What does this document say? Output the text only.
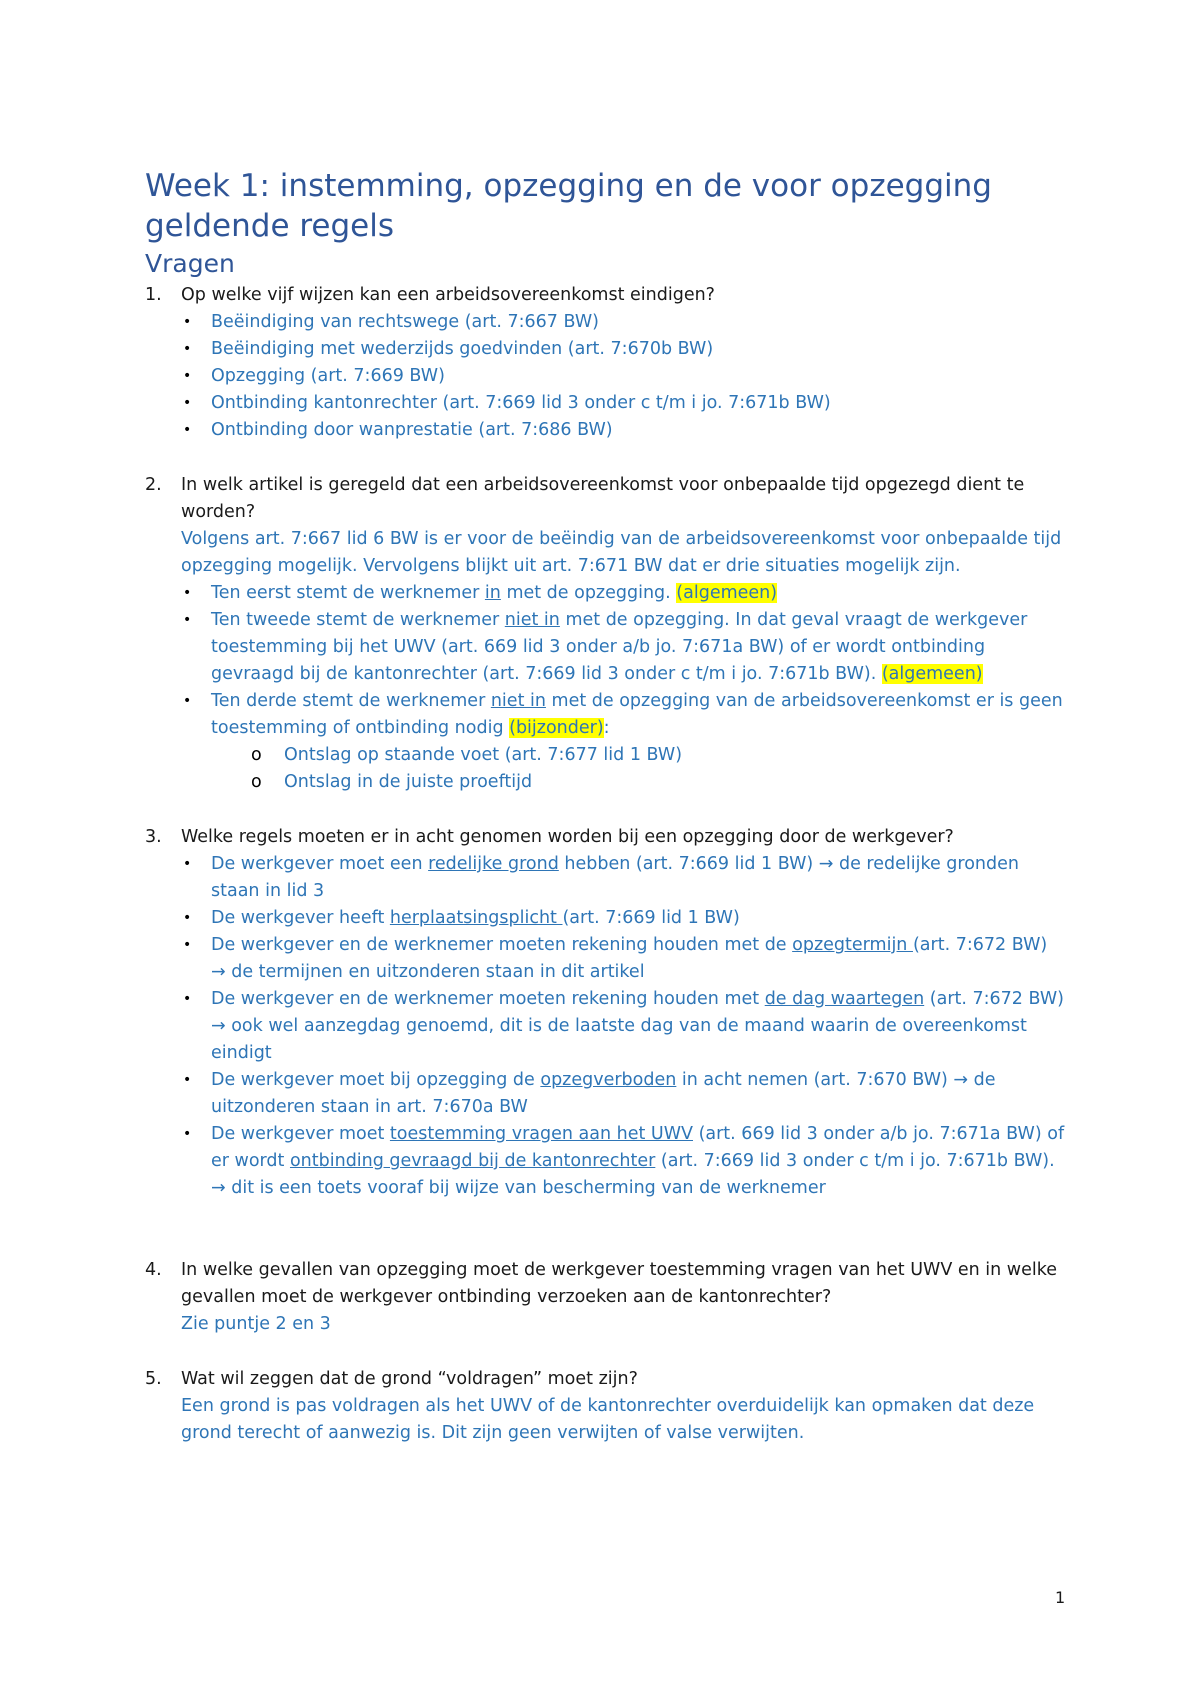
Week 1: instemming, opzegging en de voor opzegging geldende regels
Vragen

1. Op welke vijf wijzen kan een arbeidsovereenkomst eindigen?

• Beëindiging van rechtswege (art. 7:667 BW)
• Beëindiging met wederzijds goedvinden (art. 7:670b BW)
• Opzegging (art. 7:669 BW)
• Ontbinding kantonrechter (art. 7:669 lid 3 onder c t/m i jo. 7:671b BW)
• Ontbinding door wanprestatie (art. 7:686 BW)

2. In welk artikel is geregeld dat een arbeidsovereenkomst voor onbepaalde tijd opgezegd dient te worden?

Volgens art. 7:667 lid 6 BW is er voor de beëindig van de arbeidsovereenkomst voor onbepaalde tijd opzegging mogelijk. Vervolgens blijkt uit art. 7:671 BW dat er drie situaties mogelijk zijn.

• Ten eerst stemt de werknemer in met de opzegging. (algemeen)
• Ten tweede stemt de werknemer niet in met de opzegging. In dat geval vraagt de werkgever toestemming bij het UWV (art. 669 lid 3 onder a/b jo. 7:671a BW) of er wordt ontbinding gevraagd bij de kantonrechter (art. 7:669 lid 3 onder c t/m i jo. 7:671b BW). (algemeen)
• Ten derde stemt de werknemer niet in met de opzegging van de arbeidsovereenkomst er is geen toestemming of ontbinding nodig (bijzonder):
o Ontslag op staande voet (art. 7:677 lid 1 BW)
o Ontslag in de juiste proeftijd

3. Welke regels moeten er in acht genomen worden bij een opzegging door de werkgever?

• De werkgever moet een redelijke grond hebben (art. 7:669 lid 1 BW) → de redelijke gronden staan in lid 3
• De werkgever heeft herplaatsingsplicht (art. 7:669 lid 1 BW)
• De werkgever en de werknemer moeten rekening houden met de opzegtermijn (art. 7:672 BW) → de termijnen en uitzonderen staan in dit artikel
• De werkgever en de werknemer moeten rekening houden met de dag waartegen (art. 7:672 BW) → ook wel aanzegdag genoemd, dit is de laatste dag van de maand waarin de overeenkomst eindigt
• De werkgever moet bij opzegging de opzegverboden in acht nemen (art. 7:670 BW) → de uitzonderen staan in art. 7:670a BW
• De werkgever moet toestemming vragen aan het UWV (art. 669 lid 3 onder a/b jo. 7:671a BW) of er wordt ontbinding gevraagd bij de kantonrechter (art. 7:669 lid 3 onder c t/m i jo. 7:671b BW). → dit is een toets vooraf bij wijze van bescherming van de werknemer

4. In welke gevallen van opzegging moet de werkgever toestemming vragen van het UWV en in welke gevallen moet de werkgever ontbinding verzoeken aan de kantonrechter?

Zie puntje 2 en 3

5. Wat wil zeggen dat de grond “voldragen” moet zijn?

Een grond is pas voldragen als het UWV of de kantonrechter overduidelijk kan opmaken dat deze grond terecht of aanwezig is. Dit zijn geen verwijten of valse verwijten.

1
